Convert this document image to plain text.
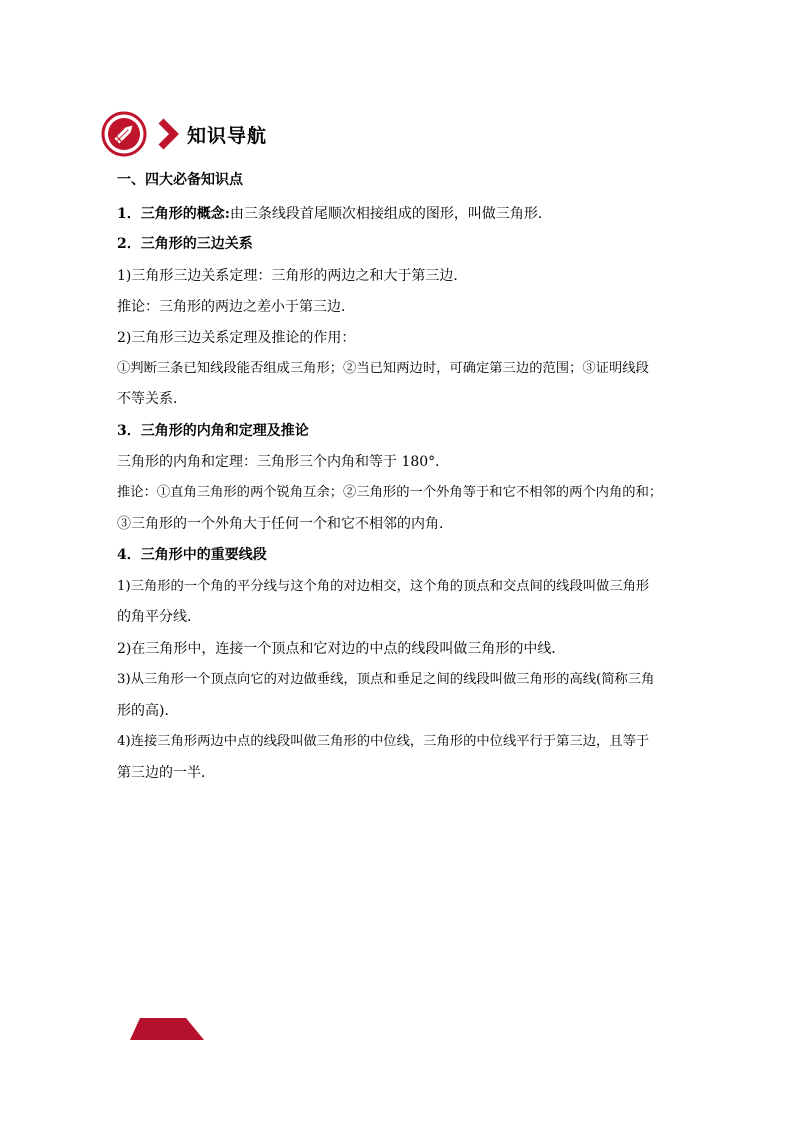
知识导航
一、四大必备知识点
1．三角形的概念:由三条线段首尾顺次相接组成的图形，叫做三角形．
2．三角形的三边关系
1)三角形三边关系定理：三角形的两边之和大于第三边．
推论：三角形的两边之差小于第三边．
2)三角形三边关系定理及推论的作用：
①判断三条已知线段能否组成三角形；②当已知两边时，可确定第三边的范围；③证明线段
不等关系．
3．三角形的内角和定理及推论
三角形的内角和定理：三角形三个内角和等于 180°．
推论：①直角三角形的两个锐角互余；②三角形的一个外角等于和它不相邻的两个内角的和；
③三角形的一个外角大于任何一个和它不相邻的内角．
4．三角形中的重要线段
1)三角形的一个角的平分线与这个角的对边相交，这个角的顶点和交点间的线段叫做三角形
的角平分线．
2)在三角形中，连接一个顶点和它对边的中点的线段叫做三角形的中线．
3)从三角形一个顶点向它的对边做垂线，顶点和垂足之间的线段叫做三角形的高线(简称三角
形的高)．
4)连接三角形两边中点的线段叫做三角形的中位线，三角形的中位线平行于第三边，且等于
第三边的一半．
